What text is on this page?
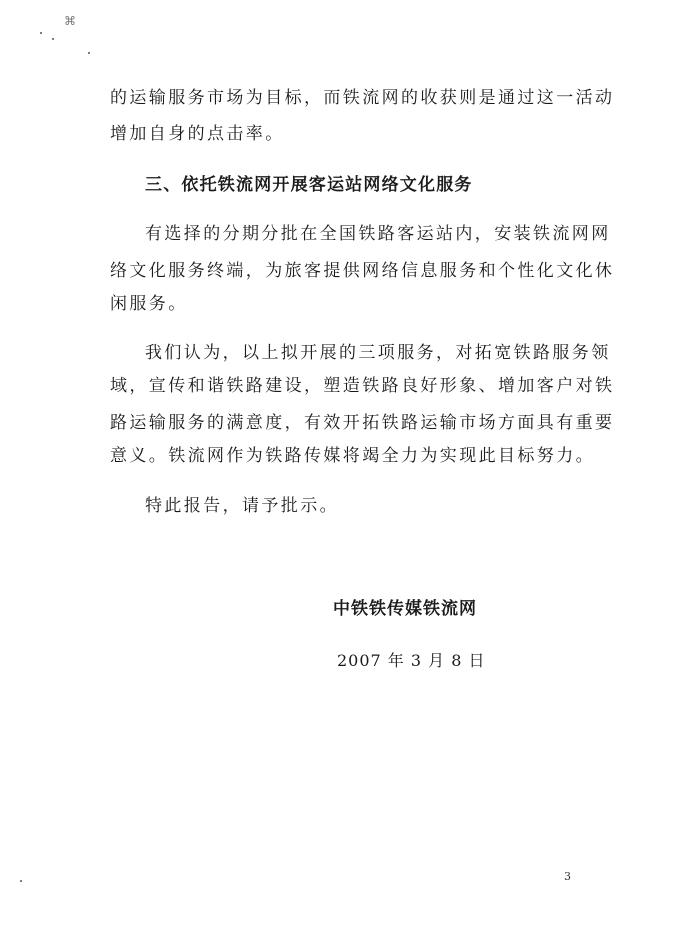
⌘
的运输服务市场为目标，而铁流网的收获则是通过这一活动
增加自身的点击率。
三、依托铁流网开展客运站网络文化服务
有选择的分期分批在全国铁路客运站内，安装铁流网网
络文化服务终端，为旅客提供网络信息服务和个性化文化休
闲服务。
我们认为，以上拟开展的三项服务，对拓宽铁路服务领
域，宣传和谐铁路建设，塑造铁路良好形象、增加客户对铁
路运输服务的满意度，有效开拓铁路运输市场方面具有重要
意义。铁流网作为铁路传媒将竭全力为实现此目标努力。
特此报告，请予批示。
中铁铁传媒铁流网
2007 年 3 月 8 日
3
